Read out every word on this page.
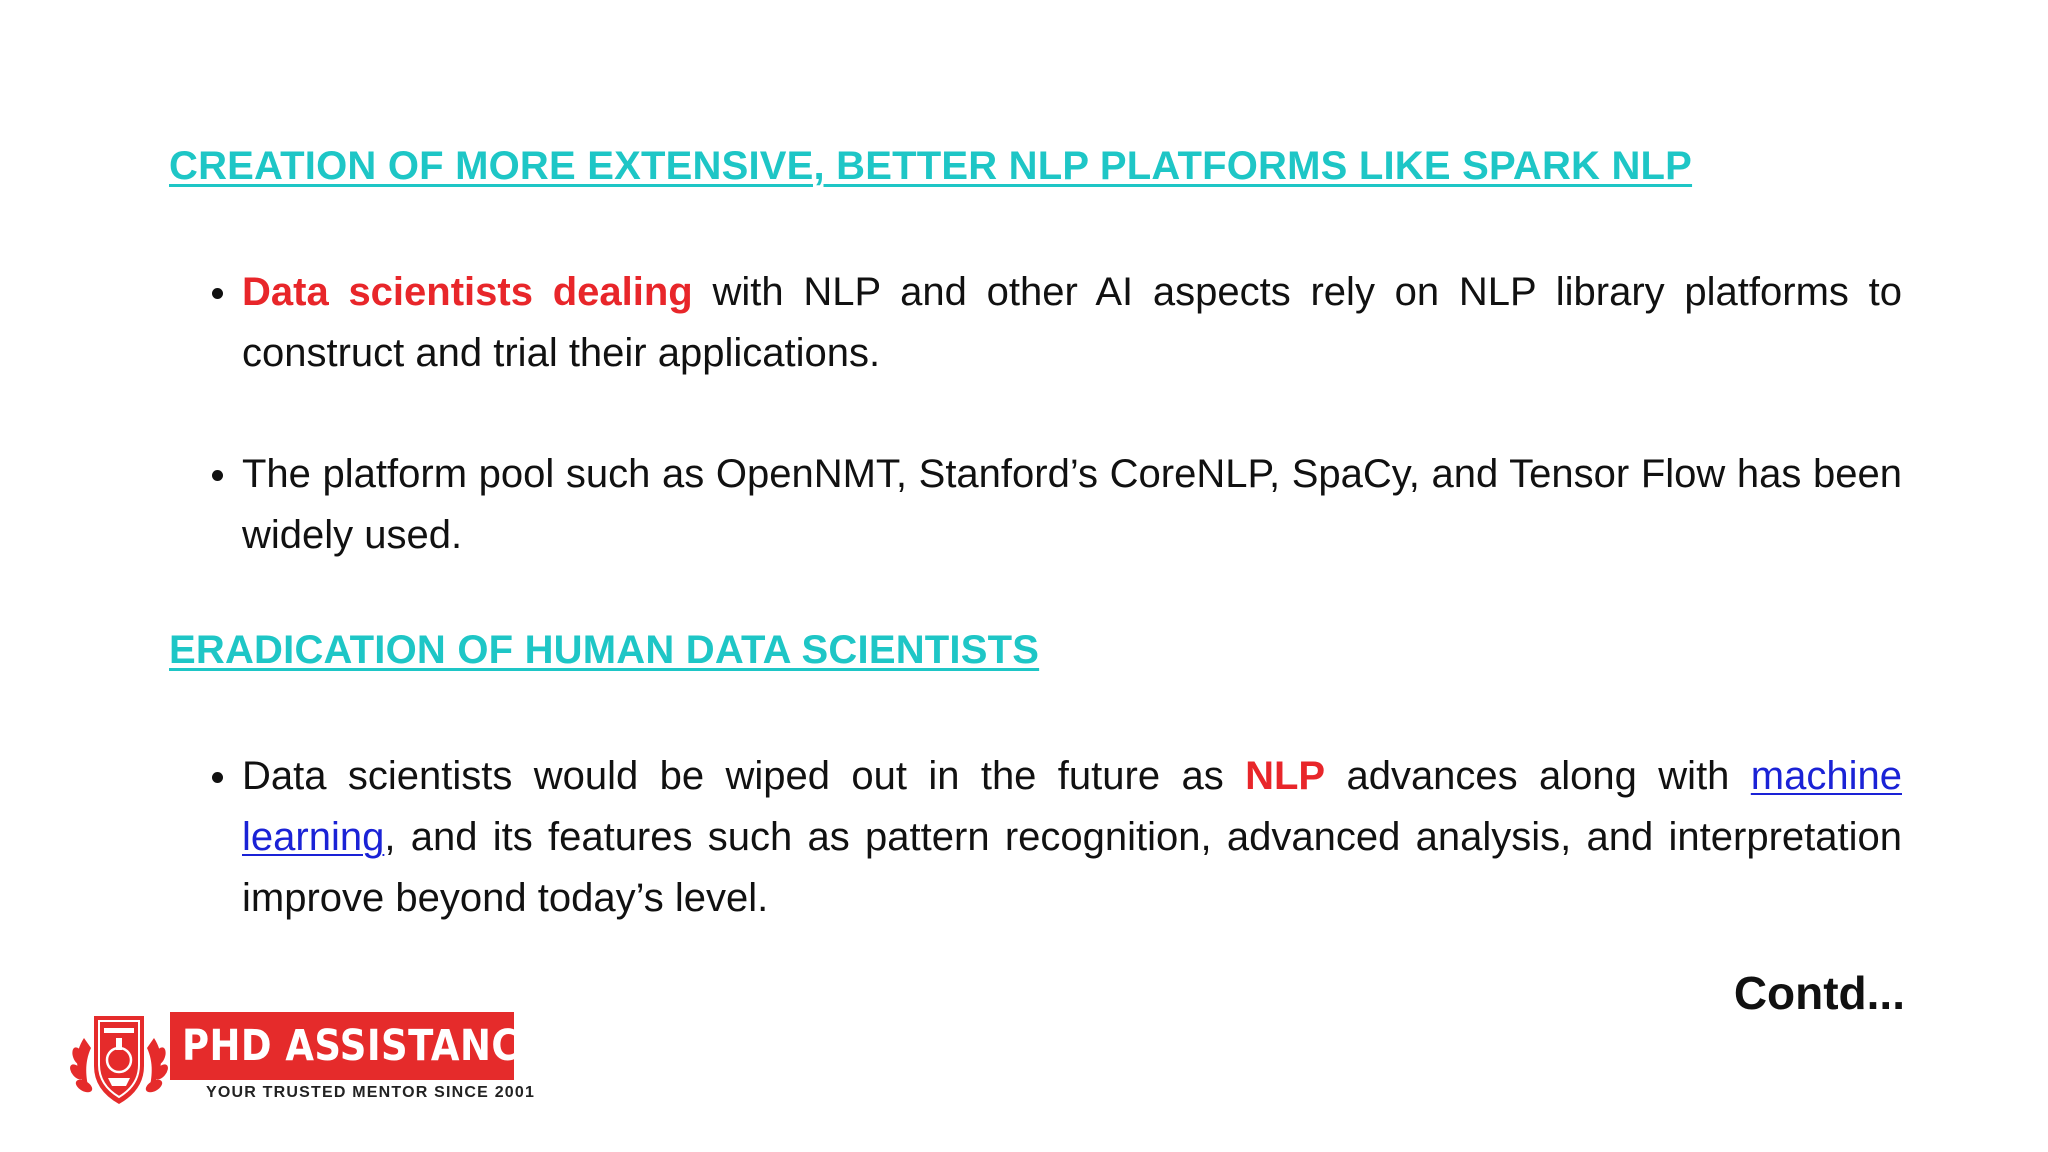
CREATION OF MORE EXTENSIVE, BETTER NLP PLATFORMS LIKE SPARK NLP
Data scientists dealing with NLP and other AI aspects rely on NLP library platforms to construct and trial their applications.
The platform pool such as OpenNMT, Stanford’s CoreNLP, SpaCy, and Tensor Flow has been widely used.
ERADICATION OF HUMAN DATA SCIENTISTS
Data scientists would be wiped out in the future as NLP advances along with machine learning, and its features such as pattern recognition, advanced analysis, and interpretation improve beyond today’s level.
Contd...
PHD ASSISTANCE
YOUR TRUSTED MENTOR SINCE 2001
